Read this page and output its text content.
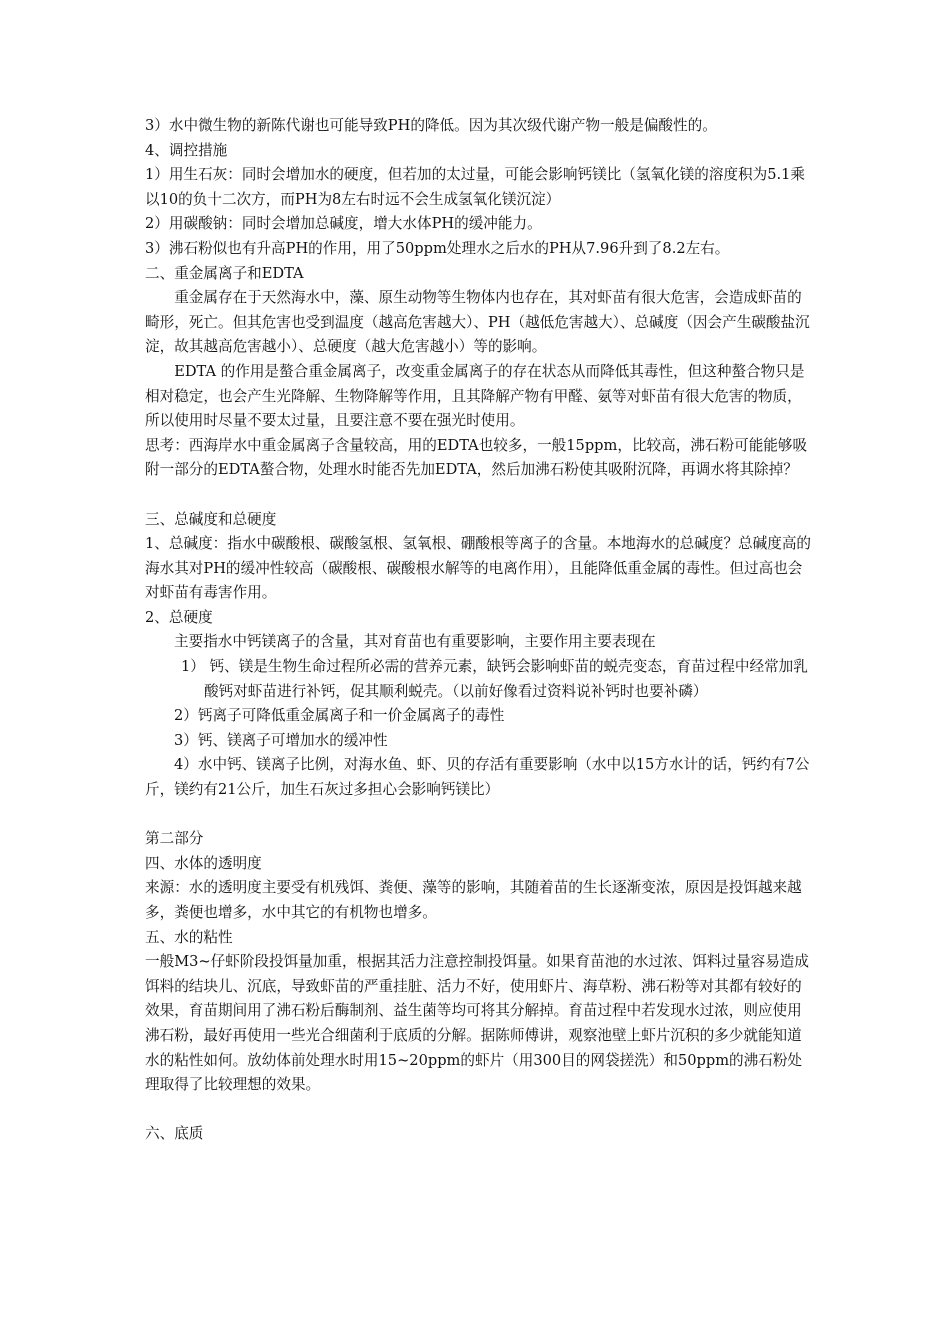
3）水中微生物的新陈代谢也可能导致PH的降低。因为其次级代谢产物一般是偏酸性的。

4、调控措施

1）用生石灰：同时会增加水的硬度，但若加的太过量，可能会影响钙镁比（氢氧化镁的溶度积为5.1乘以10的负十二次方，而PH为8左右时远不会生成氢氧化镁沉淀）

2）用碳酸钠：同时会增加总碱度，增大水体PH的缓冲能力。

3）沸石粉似也有升高PH的作用，用了50ppm处理水之后水的PH从7.96升到了8.2左右。

二、重金属离子和EDTA

重金属存在于天然海水中，藻、原生动物等生物体内也存在，其对虾苗有很大危害，会造成虾苗的畸形，死亡。但其危害也受到温度（越高危害越大）、PH（越低危害越大）、总碱度（因会产生碳酸盐沉淀，故其越高危害越小）、总硬度（越大危害越小）等的影响。

EDTA 的作用是螯合重金属离子，改变重金属离子的存在状态从而降低其毒性，但这种螯合物只是相对稳定，也会产生光降解、生物降解等作用，且其降解产物有甲醛、氨等对虾苗有很大危害的物质，所以使用时尽量不要太过量，且要注意不要在强光时使用。

思考：西海岸水中重金属离子含量较高，用的EDTA也较多，一般15ppm，比较高，沸石粉可能能够吸附一部分的EDTA螯合物，处理水时能否先加EDTA，然后加沸石粉使其吸附沉降，再调水将其除掉？

三、总碱度和总硬度

1、总碱度：指水中碳酸根、碳酸氢根、氢氧根、硼酸根等离子的含量。本地海水的总碱度？总碱度高的海水其对PH的缓冲性较高（碳酸根、碳酸根水解等的电离作用），且能降低重金属的毒性。但过高也会对虾苗有毒害作用。

2、总硬度

主要指水中钙镁离子的含量，其对育苗也有重要影响，主要作用主要表现在

1） 钙、镁是生物生命过程所必需的营养元素，缺钙会影响虾苗的蜕壳变态，育苗过程中经常加乳酸钙对虾苗进行补钙，促其顺利蜕壳。（以前好像看过资料说补钙时也要补磷）

2）钙离子可降低重金属离子和一价金属离子的毒性

3）钙、镁离子可增加水的缓冲性

4）水中钙、镁离子比例，对海水鱼、虾、贝的存活有重要影响（水中以15方水计的话，钙约有7公斤，镁约有21公斤，加生石灰过多担心会影响钙镁比）

第二部分

四、水体的透明度

来源：水的透明度主要受有机残饵、粪便、藻等的影响，其随着苗的生长逐渐变浓，原因是投饵越来越多，粪便也增多，水中其它的有机物也增多。

五、水的粘性

一般M3~仔虾阶段投饵量加重，根据其活力注意控制投饵量。如果育苗池的水过浓、饵料过量容易造成饵料的结块儿、沉底，导致虾苗的严重挂脏、活力不好，使用虾片、海草粉、沸石粉等对其都有较好的效果，育苗期间用了沸石粉后酶制剂、益生菌等均可将其分解掉。育苗过程中若发现水过浓，则应使用沸石粉，最好再使用一些光合细菌利于底质的分解。据陈师傅讲，观察池壁上虾片沉积的多少就能知道水的粘性如何。放幼体前处理水时用15~20ppm的虾片（用300目的网袋搓洗）和50ppm的沸石粉处理取得了比较理想的效果。

六、底质
